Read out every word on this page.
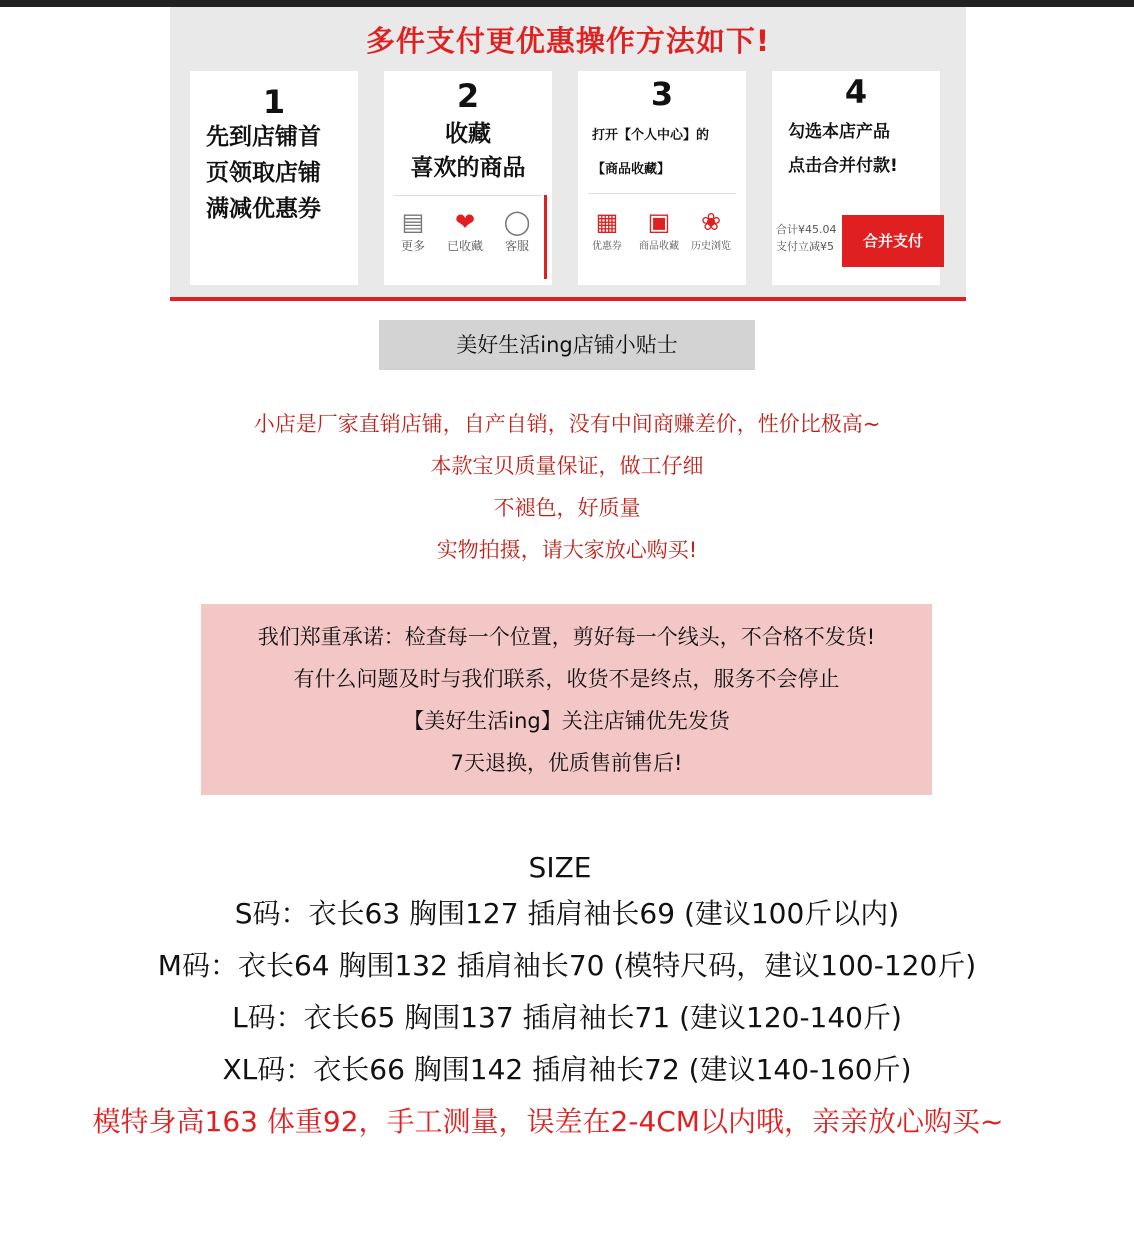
多件支付更优惠操作方法如下!
1
先到店铺首
页领取店铺
满减优惠券
2
收藏
喜欢的商品
▤
更多
❤
已收藏
◯
客服
3
打开【个人中心】的
【商品收藏】
▦
优惠券
▣
商品收藏
❀
历史浏览
4
勾选本店产品
点击合并付款!
合计¥45.04
支付立减¥5	合并支付
美好生活ing店铺小贴士
小店是厂家直销店铺，自产自销，没有中间商赚差价，性价比极高~
本款宝贝质量保证，做工仔细
不褪色，好质量
实物拍摄，请大家放心购买!
我们郑重承诺：检查每一个位置，剪好每一个线头，不合格不发货!
有什么问题及时与我们联系，收货不是终点，服务不会停止
【美好生活ing】关注店铺优先发货
7天退换，优质售前售后!
SIZE
S码：衣长63 胸围127 插肩袖长69 (建议100斤以内)
M码：衣长64 胸围132 插肩袖长70 (模特尺码，建议100-120斤)
L码：衣长65 胸围137 插肩袖长71 (建议120-140斤)
XL码：衣长66 胸围142 插肩袖长72 (建议140-160斤)
模特身高163 体重92，手工测量，误差在2-4CM以内哦，亲亲放心购买~
